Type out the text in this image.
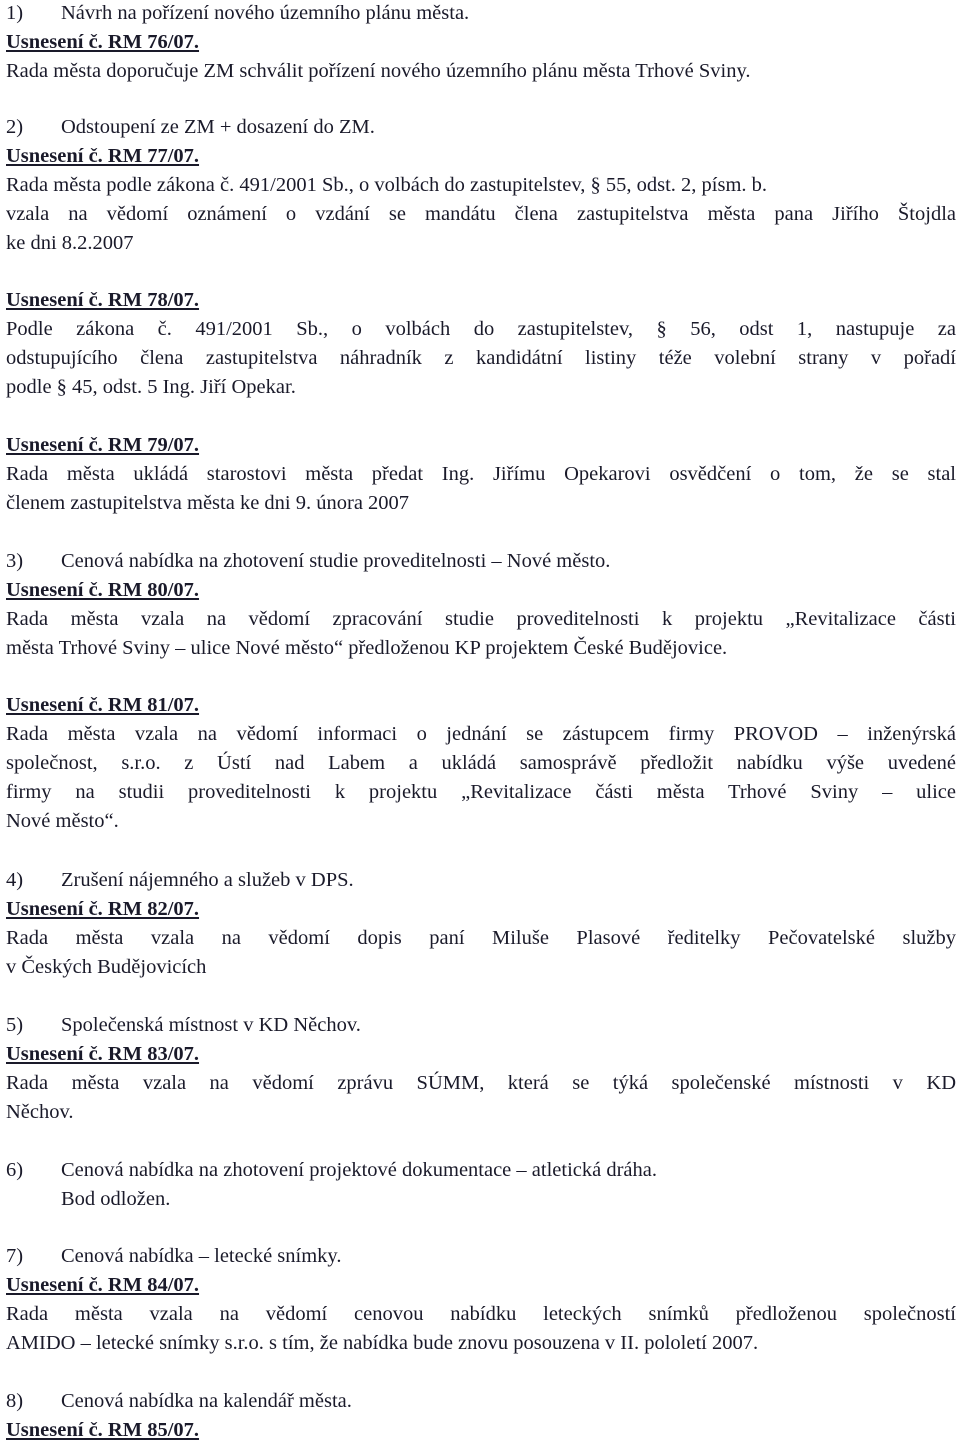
1) Návrh na pořízení nového územního plánu města.
Usnesení č. RM 76/07.
Rada města doporučuje ZM schválit pořízení nového územního plánu města Trhové Sviny.
2) Odstoupení ze ZM + dosazení do ZM.
Usnesení č. RM 77/07.
Rada města podle zákona č. 491/2001 Sb., o volbách do zastupitelstev, § 55, odst. 2, písm. b.
vzala na vědomí oznámení o vzdání se mandátu člena zastupitelstva města pana Jiřího Štojdla
ke dni 8.2.2007
Usnesení č. RM 78/07.
Podle zákona č. 491/2001 Sb., o volbách do zastupitelstev, § 56, odst 1, nastupuje za
odstupujícího člena zastupitelstva náhradník z kandidátní listiny téže volební strany v pořadí
podle § 45, odst. 5 Ing. Jiří Opekar.
Usnesení č. RM 79/07.
Rada města ukládá starostovi města předat Ing. Jiřímu Opekarovi osvědčení o tom, že se stal
členem zastupitelstva města ke dni 9. února 2007
3) Cenová nabídka na zhotovení studie proveditelnosti – Nové město.
Usnesení č. RM 80/07.
Rada města vzala na vědomí zpracování studie proveditelnosti k projektu „Revitalizace části
města Trhové Sviny – ulice Nové město“ předloženou KP projektem České Budějovice.
Usnesení č. RM 81/07.
Rada města vzala na vědomí informaci o jednání se zástupcem firmy PROVOD – inženýrská
společnost, s.r.o. z Ústí nad Labem a ukládá samosprávě předložit nabídku výše uvedené
firmy na studii proveditelnosti k projektu „Revitalizace části města Trhové Sviny – ulice
Nové město“.
4) Zrušení nájemného a služeb v DPS.
Usnesení č. RM 82/07.
Rada města vzala na vědomí dopis paní Miluše Plasové ředitelky Pečovatelské služby
v Českých Budějovicích
5) Společenská místnost v KD Něchov.
Usnesení č. RM 83/07.
Rada města vzala na vědomí zprávu SÚMM, která se týká společenské místnosti v KD
Něchov.
6) Cenová nabídka na zhotovení projektové dokumentace – atletická dráha.
Bod odložen.
7) Cenová nabídka – letecké snímky.
Usnesení č. RM 84/07.
Rada města vzala na vědomí cenovou nabídku leteckých snímků předloženou společností
AMIDO – letecké snímky s.r.o. s tím, že nabídka bude znovu posouzena v II. pololetí 2007.
8) Cenová nabídka na kalendář města.
Usnesení č. RM 85/07.
